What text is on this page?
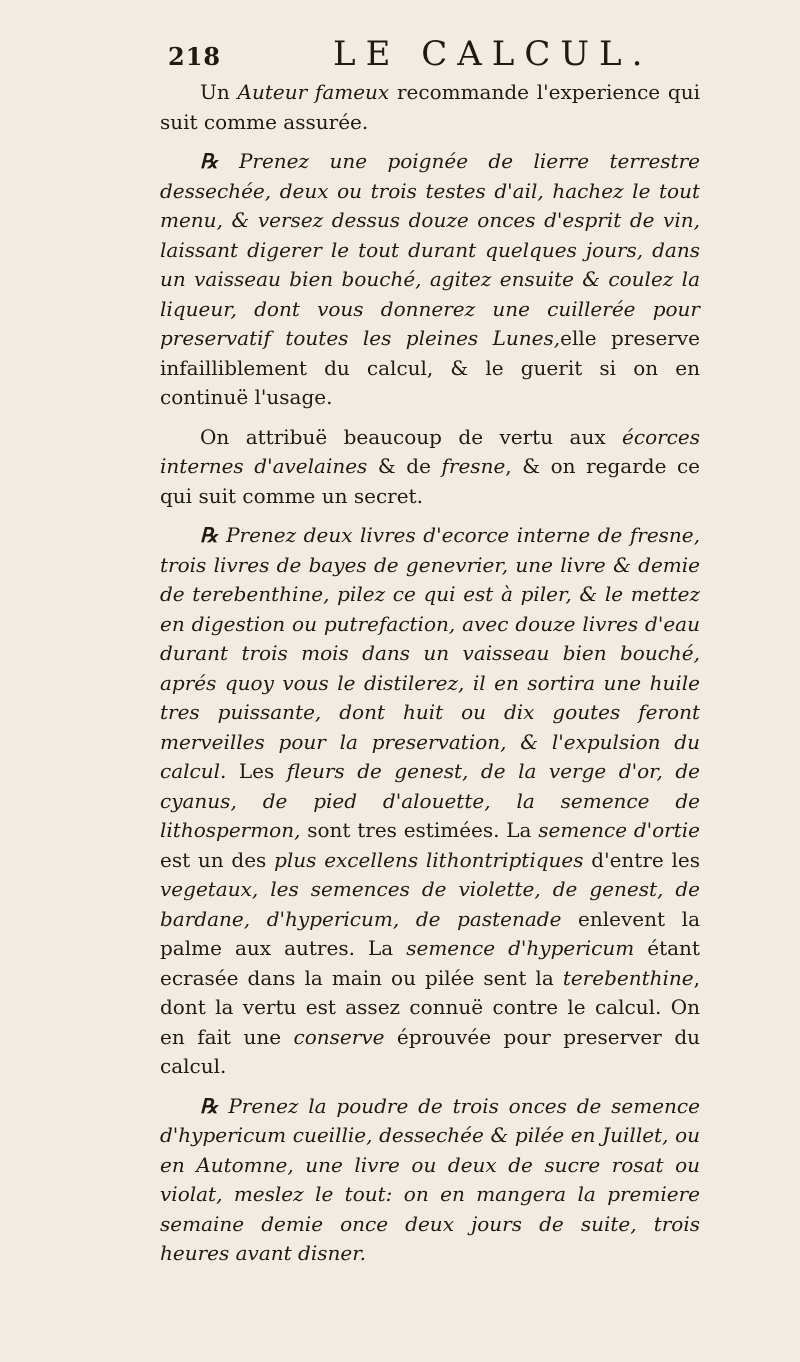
218	LE CALCUL.

Un Auteur fameux recommande l'experience qui suit comme assurée.

℞ Prenez une poignée de lierre terrestre dessechée, deux ou trois testes d'ail, hachez le tout menu, & versez dessus douze onces d'esprit de vin, laissant digerer le tout durant quelques jours, dans un vaisseau bien bouché, agitez ensuite & coulez la liqueur, dont vous donnerez une cuillerée pour preservatif toutes les pleines Lunes,elle preserve infailliblement du calcul, & le guerit si on en continuë l'usage.

On attribuë beaucoup de vertu aux écorces internes d'avelaines & de fresne, & on regarde ce qui suit comme un secret.

℞ Prenez deux livres d'ecorce interne de fresne, trois livres de bayes de genevrier, une livre & demie de terebenthine, pilez ce qui est à piler, & le mettez en digestion ou putrefaction, avec douze livres d'eau durant trois mois dans un vaisseau bien bouché, aprés quoy vous le distilerez, il en sortira une huile tres puissante, dont huit ou dix goutes feront merveilles pour la preservation, & l'expulsion du calcul. Les fleurs de genest, de la verge d'or, de cyanus, de pied d'alouette, la semence de lithospermon, sont tres estimées. La semence d'ortie est un des plus excellens lithontriptiques d'entre les vegetaux, les semences de violette, de genest, de bardane, d'hypericum, de pastenade enlevent la palme aux autres. La semence d'hypericum étant ecrasée dans la main ou pilée sent la terebenthine, dont la vertu est assez connuë contre le calcul. On en fait une conserve éprouvée pour preserver du calcul.

℞ Prenez la poudre de trois onces de semence d'hypericum cueillie, dessechée & pilée en Juillet, ou en Automne, une livre ou deux de sucre rosat ou violat, meslez le tout: on en mangera la premiere semaine demie once deux jours de suite, trois heures avant disner.
